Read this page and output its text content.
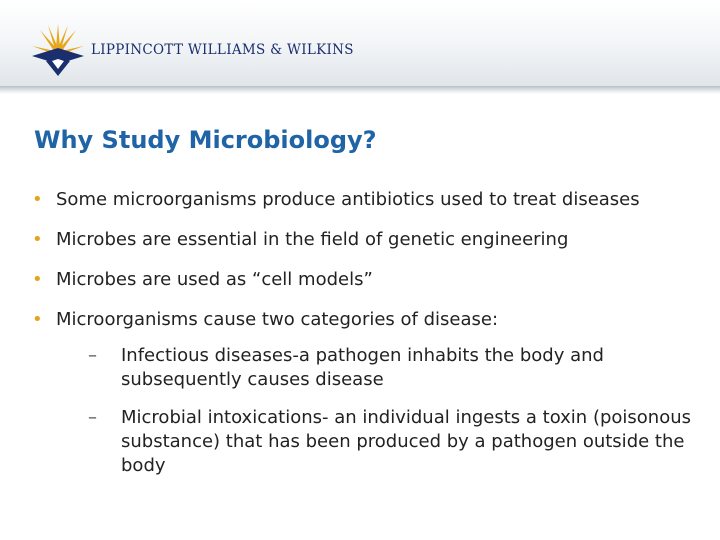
LIPPINCOTT WILLIAMS & WILKINS
Why Study Microbiology?
• Some microorganisms produce antibiotics used to treat diseases
• Microbes are essential in the field of genetic engineering
• Microbes are used as “cell models”
• Microorganisms cause two categories of disease:
– Infectious diseases-a pathogen inhabits the body and subsequently causes disease
– Microbial intoxications- an individual ingests a toxin (poisonous substance) that has been produced by a pathogen outside the body
